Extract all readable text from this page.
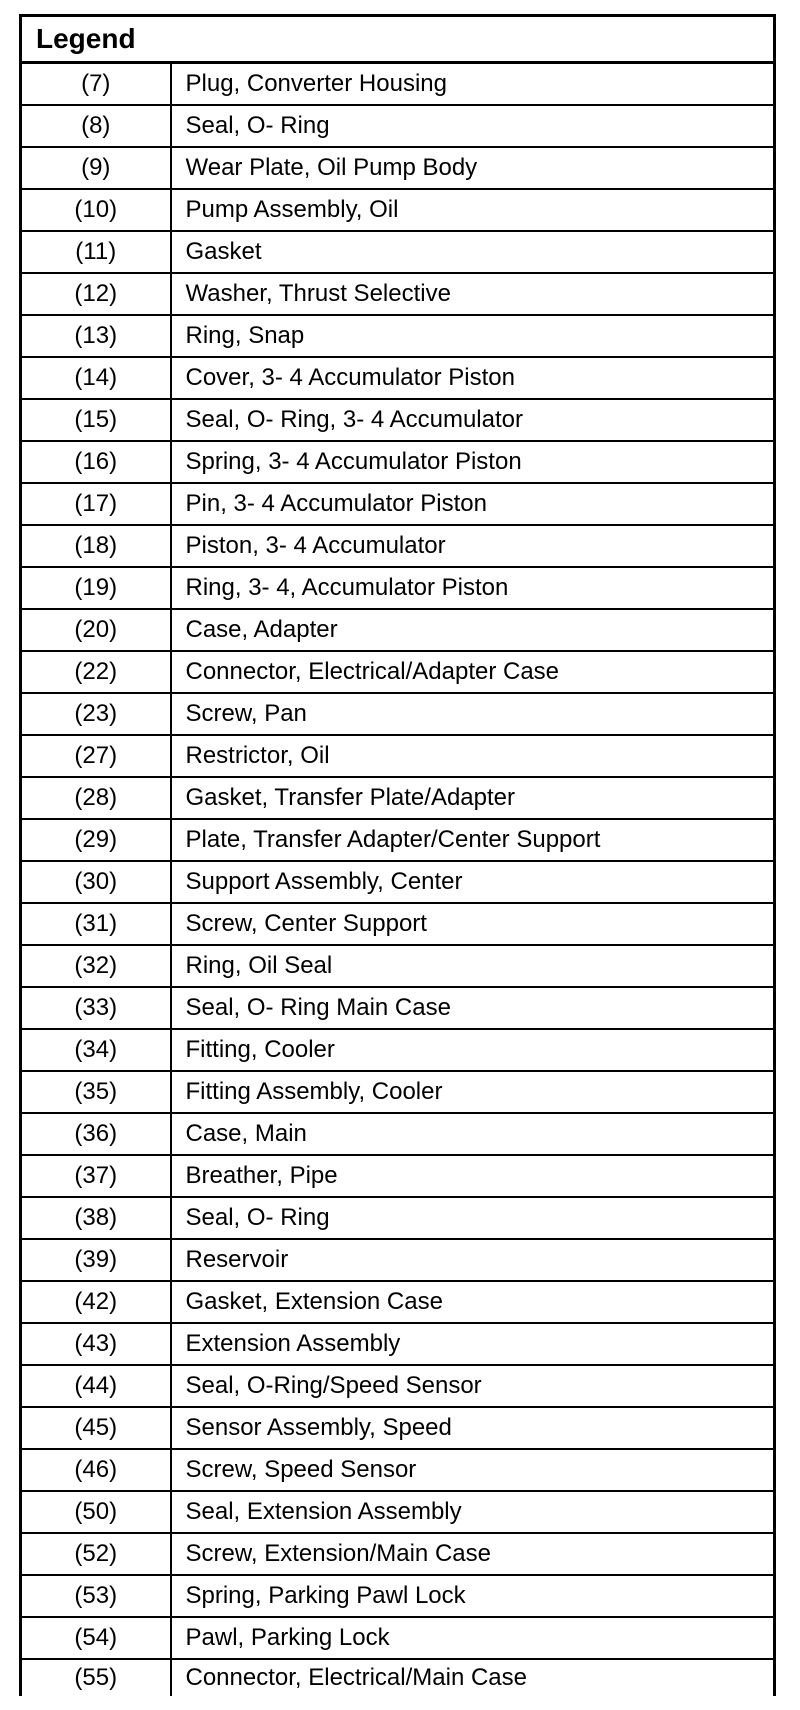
Legend	
(7)	Plug, Converter Housing
(8)	Seal, O- Ring
(9)	Wear Plate, Oil Pump Body
(10)	Pump Assembly, Oil
(11)	Gasket
(12)	Washer, Thrust Selective
(13)	Ring, Snap
(14)	Cover, 3- 4 Accumulator Piston
(15)	Seal, O- Ring, 3- 4 Accumulator
(16)	Spring, 3- 4 Accumulator Piston
(17)	Pin, 3- 4 Accumulator Piston
(18)	Piston, 3- 4 Accumulator
(19)	Ring, 3- 4, Accumulator Piston
(20)	Case, Adapter
(22)	Connector, Electrical/Adapter Case
(23)	Screw, Pan
(27)	Restrictor, Oil
(28)	Gasket, Transfer Plate/Adapter
(29)	Plate, Transfer Adapter/Center Support
(30)	Support Assembly, Center
(31)	Screw, Center Support
(32)	Ring, Oil Seal
(33)	Seal, O- Ring Main Case
(34)	Fitting, Cooler
(35)	Fitting Assembly, Cooler
(36)	Case, Main
(37)	Breather, Pipe
(38)	Seal, O- Ring
(39)	Reservoir
(42)	Gasket, Extension Case
(43)	Extension Assembly
(44)	Seal, O-Ring/Speed Sensor
(45)	Sensor Assembly, Speed
(46)	Screw, Speed Sensor
(50)	Seal, Extension Assembly
(52)	Screw, Extension/Main Case
(53)	Spring, Parking Pawl Lock
(54)	Pawl, Parking Lock
(55)	Connector, Electrical/Main Case
